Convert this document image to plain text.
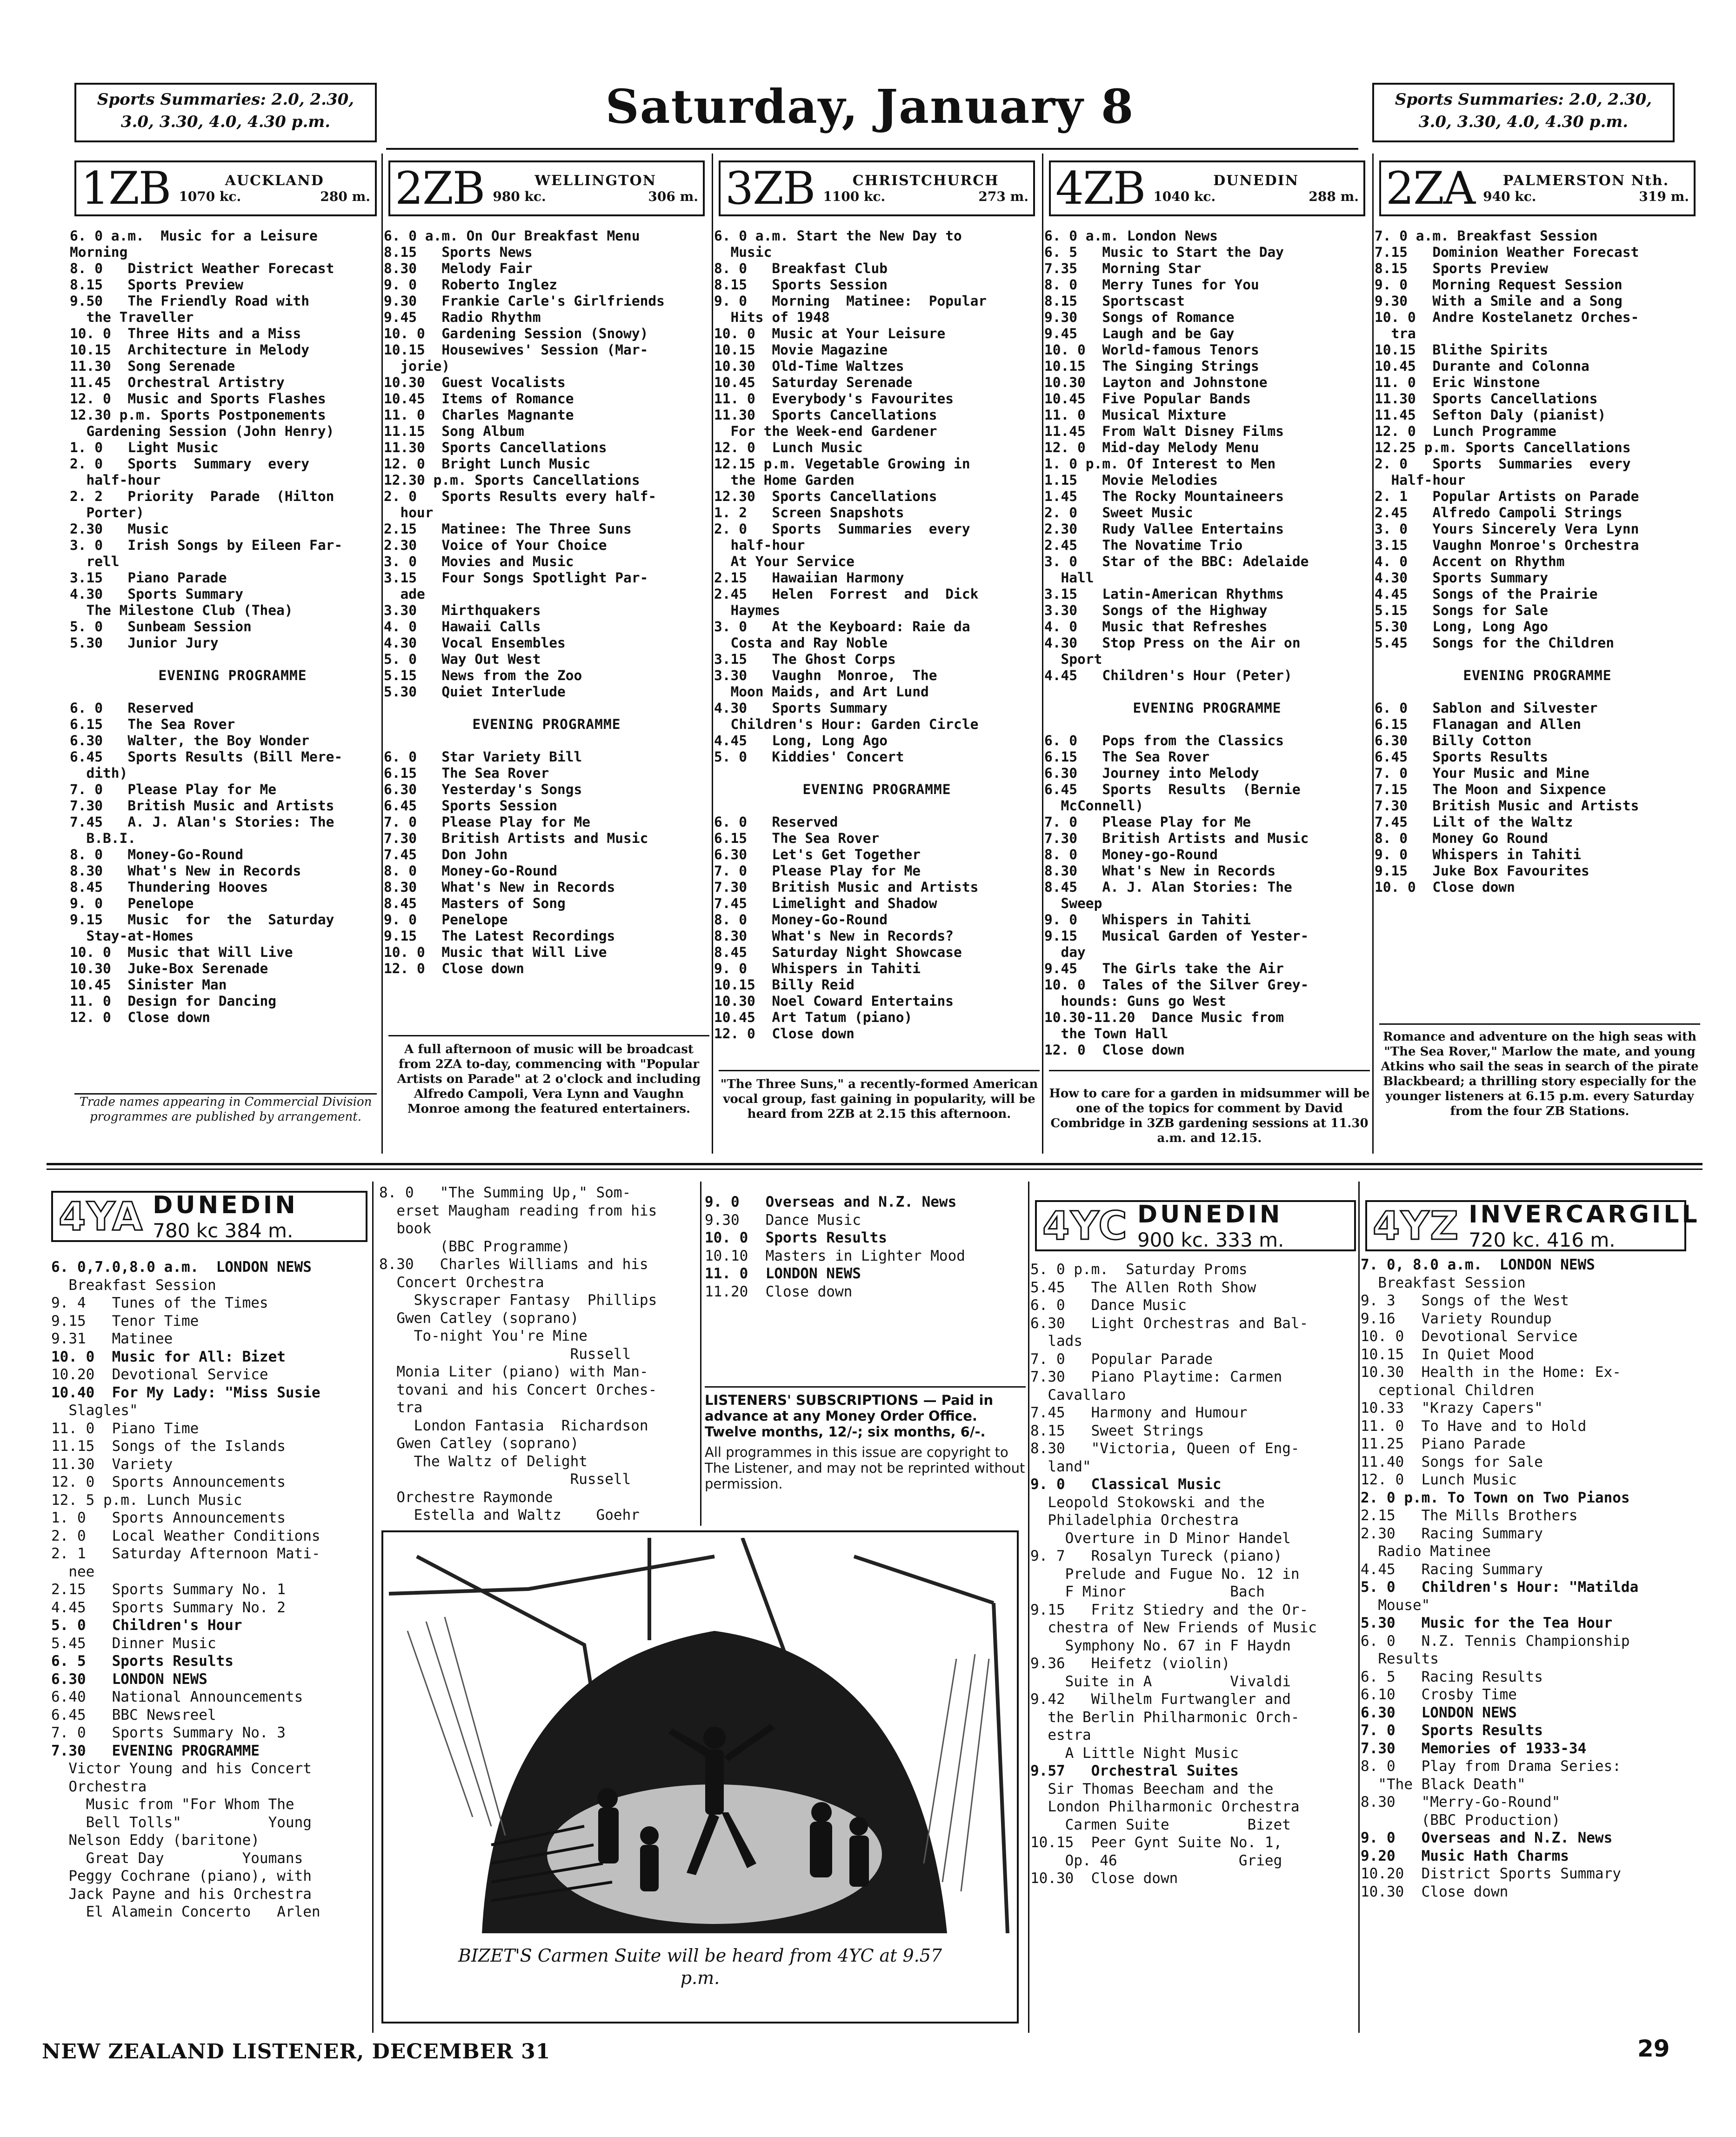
Sports Summaries: 2.0, 2.30, 3.0, 3.30, 4.0, 4.30 p.m.	Saturday, January 8	Sports Summaries: 2.0, 2.30, 3.0, 3.30, 4.0, 4.30 p.m.
1ZB	AUCKLAND
1070 kc.	280 m. 2ZB	WELLINGTON
980 kc.	306 m. 3ZB	CHRISTCHURCH
1100 kc.	273 m. 4ZB	DUNEDIN
1040 kc.	288 m. 2ZA	PALMERSTON Nth.
940 kc.	319 m.
6. 0 a.m.  Music for a Leisure
Morning
8. 0   District Weather Forecast
8.15   Sports Preview
9.50   The Friendly Road with
the Traveller
10. 0  Three Hits and a Miss
10.15  Architecture in Melody
11.30  Song Serenade
11.45  Orchestral Artistry
12. 0  Music and Sports Flashes
12.30 p.m. Sports Postponements
Gardening Session (John Henry)
1. 0   Light Music
2. 0   Sports  Summary  every
half-hour
2. 2   Priority  Parade  (Hilton
Porter)
2.30   Music
3. 0   Irish Songs by Eileen Far-
rell
3.15   Piano Parade
4.30   Sports Summary
The Milestone Club (Thea)
5. 0   Sunbeam Session
5.30   Junior Jury

EVENING PROGRAMME

6. 0   Reserved
6.15   The Sea Rover
6.30   Walter, the Boy Wonder
6.45   Sports Results (Bill Mere-
dith)
7. 0   Please Play for Me
7.30   British Music and Artists
7.45   A. J. Alan's Stories: The
B.B.I.
8. 0   Money-Go-Round
8.30   What's New in Records
8.45   Thundering Hooves
9. 0   Penelope
9.15   Music  for  the  Saturday
Stay-at-Homes
10. 0  Music that Will Live
10.30  Juke-Box Serenade
10.45  Sinister Man
11. 0  Design for Dancing
12. 0  Close down
6. 0 a.m. On Our Breakfast Menu
8.15   Sports News
8.30   Melody Fair
9. 0   Roberto Inglez
9.30   Frankie Carle's Girlfriends
9.45   Radio Rhythm
10. 0  Gardening Session (Snowy)
10.15  Housewives' Session (Mar-
jorie)
10.30  Guest Vocalists
10.45  Items of Romance
11. 0  Charles Magnante
11.15  Song Album
11.30  Sports Cancellations
12. 0  Bright Lunch Music
12.30 p.m. Sports Cancellations
2. 0   Sports Results every half-
hour
2.15   Matinee: The Three Suns
2.30   Voice of Your Choice
3. 0   Movies and Music
3.15   Four Songs Spotlight Par-
ade
3.30   Mirthquakers
4. 0   Hawaii Calls
4.30   Vocal Ensembles
5. 0   Way Out West
5.15   News from the Zoo
5.30   Quiet Interlude

EVENING PROGRAMME

6. 0   Star Variety Bill
6.15   The Sea Rover
6.30   Yesterday's Songs
6.45   Sports Session
7. 0   Please Play for Me
7.30   British Artists and Music
7.45   Don John
8. 0   Money-Go-Round
8.30   What's New in Records
8.45   Masters of Song
9. 0   Penelope
9.15   The Latest Recordings
10. 0  Music that Will Live
12. 0  Close down
6. 0 a.m. Start the New Day to
Music
8. 0   Breakfast Club
8.15   Sports Session
9. 0   Morning  Matinee:  Popular
Hits of 1948
10. 0  Music at Your Leisure
10.15  Movie Magazine
10.30  Old-Time Waltzes
10.45  Saturday Serenade
11. 0  Everybody's Favourites
11.30  Sports Cancellations
For the Week-end Gardener
12. 0  Lunch Music
12.15 p.m. Vegetable Growing in
the Home Garden
12.30  Sports Cancellations
1. 2   Screen Snapshots
2. 0   Sports  Summaries  every
half-hour
At Your Service
2.15   Hawaiian Harmony
2.45   Helen  Forrest  and  Dick
Haymes
3. 0   At the Keyboard: Raie da
Costa and Ray Noble
3.15   The Ghost Corps
3.30   Vaughn  Monroe,  The
Moon Maids, and Art Lund
4.30   Sports Summary
Children's Hour: Garden Circle
4.45   Long, Long Ago
5. 0   Kiddies' Concert

EVENING PROGRAMME

6. 0   Reserved
6.15   The Sea Rover
6.30   Let's Get Together
7. 0   Please Play for Me
7.30   British Music and Artists
7.45   Limelight and Shadow
8. 0   Money-Go-Round
8.30   What's New in Records?
8.45   Saturday Night Showcase
9. 0   Whispers in Tahiti
10.15  Billy Reid
10.30  Noel Coward Entertains
10.45  Art Tatum (piano)
12. 0  Close down
6. 0 a.m. London News
6. 5   Music to Start the Day
7.35   Morning Star
8. 0   Merry Tunes for You
8.15   Sportscast
9.30   Songs of Romance
9.45   Laugh and be Gay
10. 0  World-famous Tenors
10.15  The Singing Strings
10.30  Layton and Johnstone
10.45  Five Popular Bands
11. 0  Musical Mixture
11.45  From Walt Disney Films
12. 0  Mid-day Melody Menu
1. 0 p.m. Of Interest to Men
1.15   Movie Melodies
1.45   The Rocky Mountaineers
2. 0   Sweet Music
2.30   Rudy Vallee Entertains
2.45   The Novatime Trio
3. 0   Star of the BBC: Adelaide
Hall
3.15   Latin-American Rhythms
3.30   Songs of the Highway
4. 0   Music that Refreshes
4.30   Stop Press on the Air on
Sport
4.45   Children's Hour (Peter)

EVENING PROGRAMME

6. 0   Pops from the Classics
6.15   The Sea Rover
6.30   Journey into Melody
6.45   Sports  Results  (Bernie
McConnell)
7. 0   Please Play for Me
7.30   British Artists and Music
8. 0   Money-go-Round
8.30   What's New in Records
8.45   A. J. Alan Stories: The
Sweep
9. 0   Whispers in Tahiti
9.15   Musical Garden of Yester-
day
9.45   The Girls take the Air
10. 0  Tales of the Silver Grey-
hounds: Guns go West
10.30-11.20  Dance Music from
the Town Hall
12. 0  Close down
7. 0 a.m. Breakfast Session
7.15   Dominion Weather Forecast
8.15   Sports Preview
9. 0   Morning Request Session
9.30   With a Smile and a Song
10. 0  Andre Kostelanetz Orches-
tra
10.15  Blithe Spirits
10.45  Durante and Colonna
11. 0  Eric Winstone
11.30  Sports Cancellations
11.45  Sefton Daly (pianist)
12. 0  Lunch Programme
12.25 p.m. Sports Cancellations
2. 0   Sports  Summaries  every
Half-hour
2. 1   Popular Artists on Parade
2.45   Alfredo Campoli Strings
3. 0   Yours Sincerely Vera Lynn
3.15   Vaughn Monroe's Orchestra
4. 0   Accent on Rhythm
4.30   Sports Summary
4.45   Songs of the Prairie
5.15   Songs for Sale
5.30   Long, Long Ago
5.45   Songs for the Children

EVENING PROGRAMME

6. 0   Sablon and Silvester
6.15   Flanagan and Allen
6.30   Billy Cotton
6.45   Sports Results
7. 0   Your Music and Mine
7.15   The Moon and Sixpence
7.30   British Music and Artists
7.45   Lilt of the Waltz
8. 0   Money Go Round
9. 0   Whispers in Tahiti
9.15   Juke Box Favourites
10. 0  Close down
Trade names appearing in Commercial Division programmes are published by arrangement.
A full afternoon of music will be broadcast from 2ZA to-day, commencing with "Popular Artists on Parade" at 2 o'clock and including Alfredo Campoli, Vera Lynn and Vaughn Monroe among the featured entertainers.
"The Three Suns," a recently-formed American vocal group, fast gaining in popularity, will be heard from 2ZB at 2.15 this afternoon.
How to care for a garden in midsummer will be one of the topics for comment by David Combridge in 3ZB gardening sessions at 11.30 a.m. and 12.15.
Romance and adventure on the high seas with "The Sea Rover," Marlow the mate, and young Atkins who sail the seas in search of the pirate Blackbeard; a thrilling story especially for the younger listeners at 6.15 p.m. every Saturday from the four ZB Stations.
4YA DUNEDIN
780 kc 384 m.
6. 0,7.0,8.0 a.m.  LONDON NEWS
Breakfast Session
9. 4   Tunes of the Times
9.15   Tenor Time
9.31   Matinee
10. 0  Music for All: Bizet
10.20  Devotional Service
10.40  For My Lady: "Miss Susie
Slagles"
11. 0  Piano Time
11.15  Songs of the Islands
11.30  Variety
12. 0  Sports Announcements
12. 5 p.m. Lunch Music
1. 0   Sports Announcements
2. 0   Local Weather Conditions
2. 1   Saturday Afternoon Mati-
nee
2.15   Sports Summary No. 1
4.45   Sports Summary No. 2
5. 0   Children's Hour
5.45   Dinner Music
6. 5   Sports Results
6.30   LONDON NEWS
6.40   National Announcements
6.45   BBC Newsreel
7. 0   Sports Summary No. 3
7.30   EVENING PROGRAMME
Victor Young and his Concert
Orchestra
Music from "For Whom The
Bell Tolls"          Young
Nelson Eddy (baritone)
Great Day         Youmans
Peggy Cochrane (piano), with
Jack Payne and his Orchestra
El Alamein Concerto   Arlen
8. 0   "The Summing Up," Som-
erset Maugham reading from his
book
(BBC Programme)
8.30   Charles Williams and his
Concert Orchestra
Skyscraper Fantasy  Phillips
Gwen Catley (soprano)
To-night You're Mine
Russell
Monia Liter (piano) with Man-
tovani and his Concert Orches-
tra
London Fantasia  Richardson
Gwen Catley (soprano)
The Waltz of Delight
Russell
Orchestre Raymonde
Estella and Waltz    Goehr
9. 0   Overseas and N.Z. News
9.30   Dance Music
10. 0  Sports Results
10.10  Masters in Lighter Mood
11. 0  LONDON NEWS
11.20  Close down
LISTENERS' SUBSCRIPTIONS — Paid in advance at any Money Order Office. Twelve months, 12/-; six months, 6/-.
All programmes in this issue are copyright to The Listener, and may not be reprinted without permission.
BIZET'S Carmen Suite will be heard from 4YC at 9.57 p.m.
4YC DUNEDIN
900 kc. 333 m.
5. 0 p.m.  Saturday Proms
5.45   The Allen Roth Show
6. 0   Dance Music
6.30   Light Orchestras and Bal-
lads
7. 0   Popular Parade
7.30   Piano Playtime: Carmen
Cavallaro
7.45   Harmony and Humour
8.15   Sweet Strings
8.30   "Victoria, Queen of Eng-
land"
9. 0   Classical Music
Leopold Stokowski and the
Philadelphia Orchestra
Overture in D Minor Handel
9. 7   Rosalyn Tureck (piano)
Prelude and Fugue No. 12 in
F Minor            Bach
9.15   Fritz Stiedry and the Or-
chestra of New Friends of Music
Symphony No. 67 in F Haydn
9.36   Heifetz (violin)
Suite in A         Vivaldi
9.42   Wilhelm Furtwangler and
the Berlin Philharmonic Orch-
estra
A Little Night Music
9.57   Orchestral Suites
Sir Thomas Beecham and the
London Philharmonic Orchestra
Carmen Suite         Bizet
10.15  Peer Gynt Suite No. 1,
Op. 46              Grieg
10.30  Close down
4YZ INVERCARGILL
720 kc. 416 m.
7. 0, 8.0 a.m.  LONDON NEWS
Breakfast Session
9. 3   Songs of the West
9.16   Variety Roundup
10. 0  Devotional Service
10.15  In Quiet Mood
10.30  Health in the Home: Ex-
ceptional Children
10.33  "Krazy Capers"
11. 0  To Have and to Hold
11.25  Piano Parade
11.40  Songs for Sale
12. 0  Lunch Music
2. 0 p.m. To Town on Two Pianos
2.15   The Mills Brothers
2.30   Racing Summary
Radio Matinee
4.45   Racing Summary
5. 0   Children's Hour: "Matilda
Mouse"
5.30   Music for the Tea Hour
6. 0   N.Z. Tennis Championship
Results
6. 5   Racing Results
6.10   Crosby Time
6.30   LONDON NEWS
7. 0   Sports Results
7.30   Memories of 1933-34
8. 0   Play from Drama Series:
"The Black Death"
8.30   "Merry-Go-Round"
(BBC Production)
9. 0   Overseas and N.Z. News
9.20   Music Hath Charms
10.20  District Sports Summary
10.30  Close down
NEW ZEALAND LISTENER, DECEMBER 31	29
